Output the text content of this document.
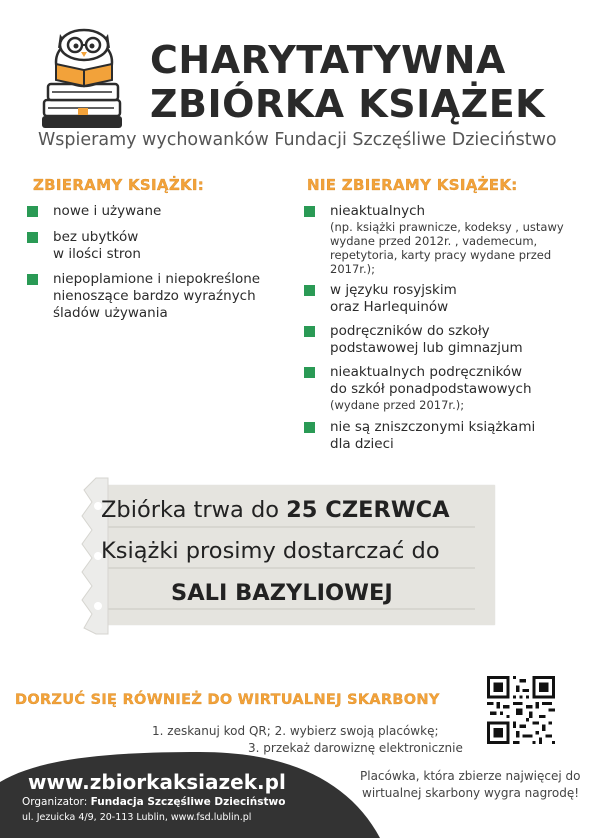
CHARYTATYWNA
ZBIÓRKA KSIĄŻEK
Wspieramy wychowanków Fundacji Szczęśliwe Dzieciństwo
ZBIERAMY KSIĄŻKI:
nowe i używane
bez ubytków
w ilości stron
niepoplamione i niepokreślone
nienoszące bardzo wyraźnych
śladów używania
NIE ZBIERAMY KSIĄŻEK:
nieaktualnych
(np. książki prawnicze, kodeksy , ustawy wydane przed 2012r. , vademecum, repetytoria, karty pracy wydane przed 2017r.);
w języku rosyjskim
oraz Harlequinów
podręczników do szkoły
podstawowej lub gimnazjum
nieaktualnych podręczników
do szkół ponadpodstawowych
(wydane przed 2017r.);
nie są zniszczonymi książkami
dla dzieci
Zbiórka trwa do 25 CZERWCA
Książki prosimy dostarczać do
SALI BAZYLIOWEJ
DORZUĆ SIĘ RÓWNIEŻ DO WIRTUALNEJ SKARBONY
1. zeskanuj kod QR; 2. wybierz swoją placówkę;
3. przekaż darowiznę elektronicznie
www.zbiorkaksiazek.pl
Organizator: Fundacja Szczęśliwe Dzieciństwo
ul. Jezuicka 4/9, 20-113 Lublin, www.fsd.lublin.pl
Placówka, która zbierze najwięcej do
wirtualnej skarbony wygra nagrodę!
